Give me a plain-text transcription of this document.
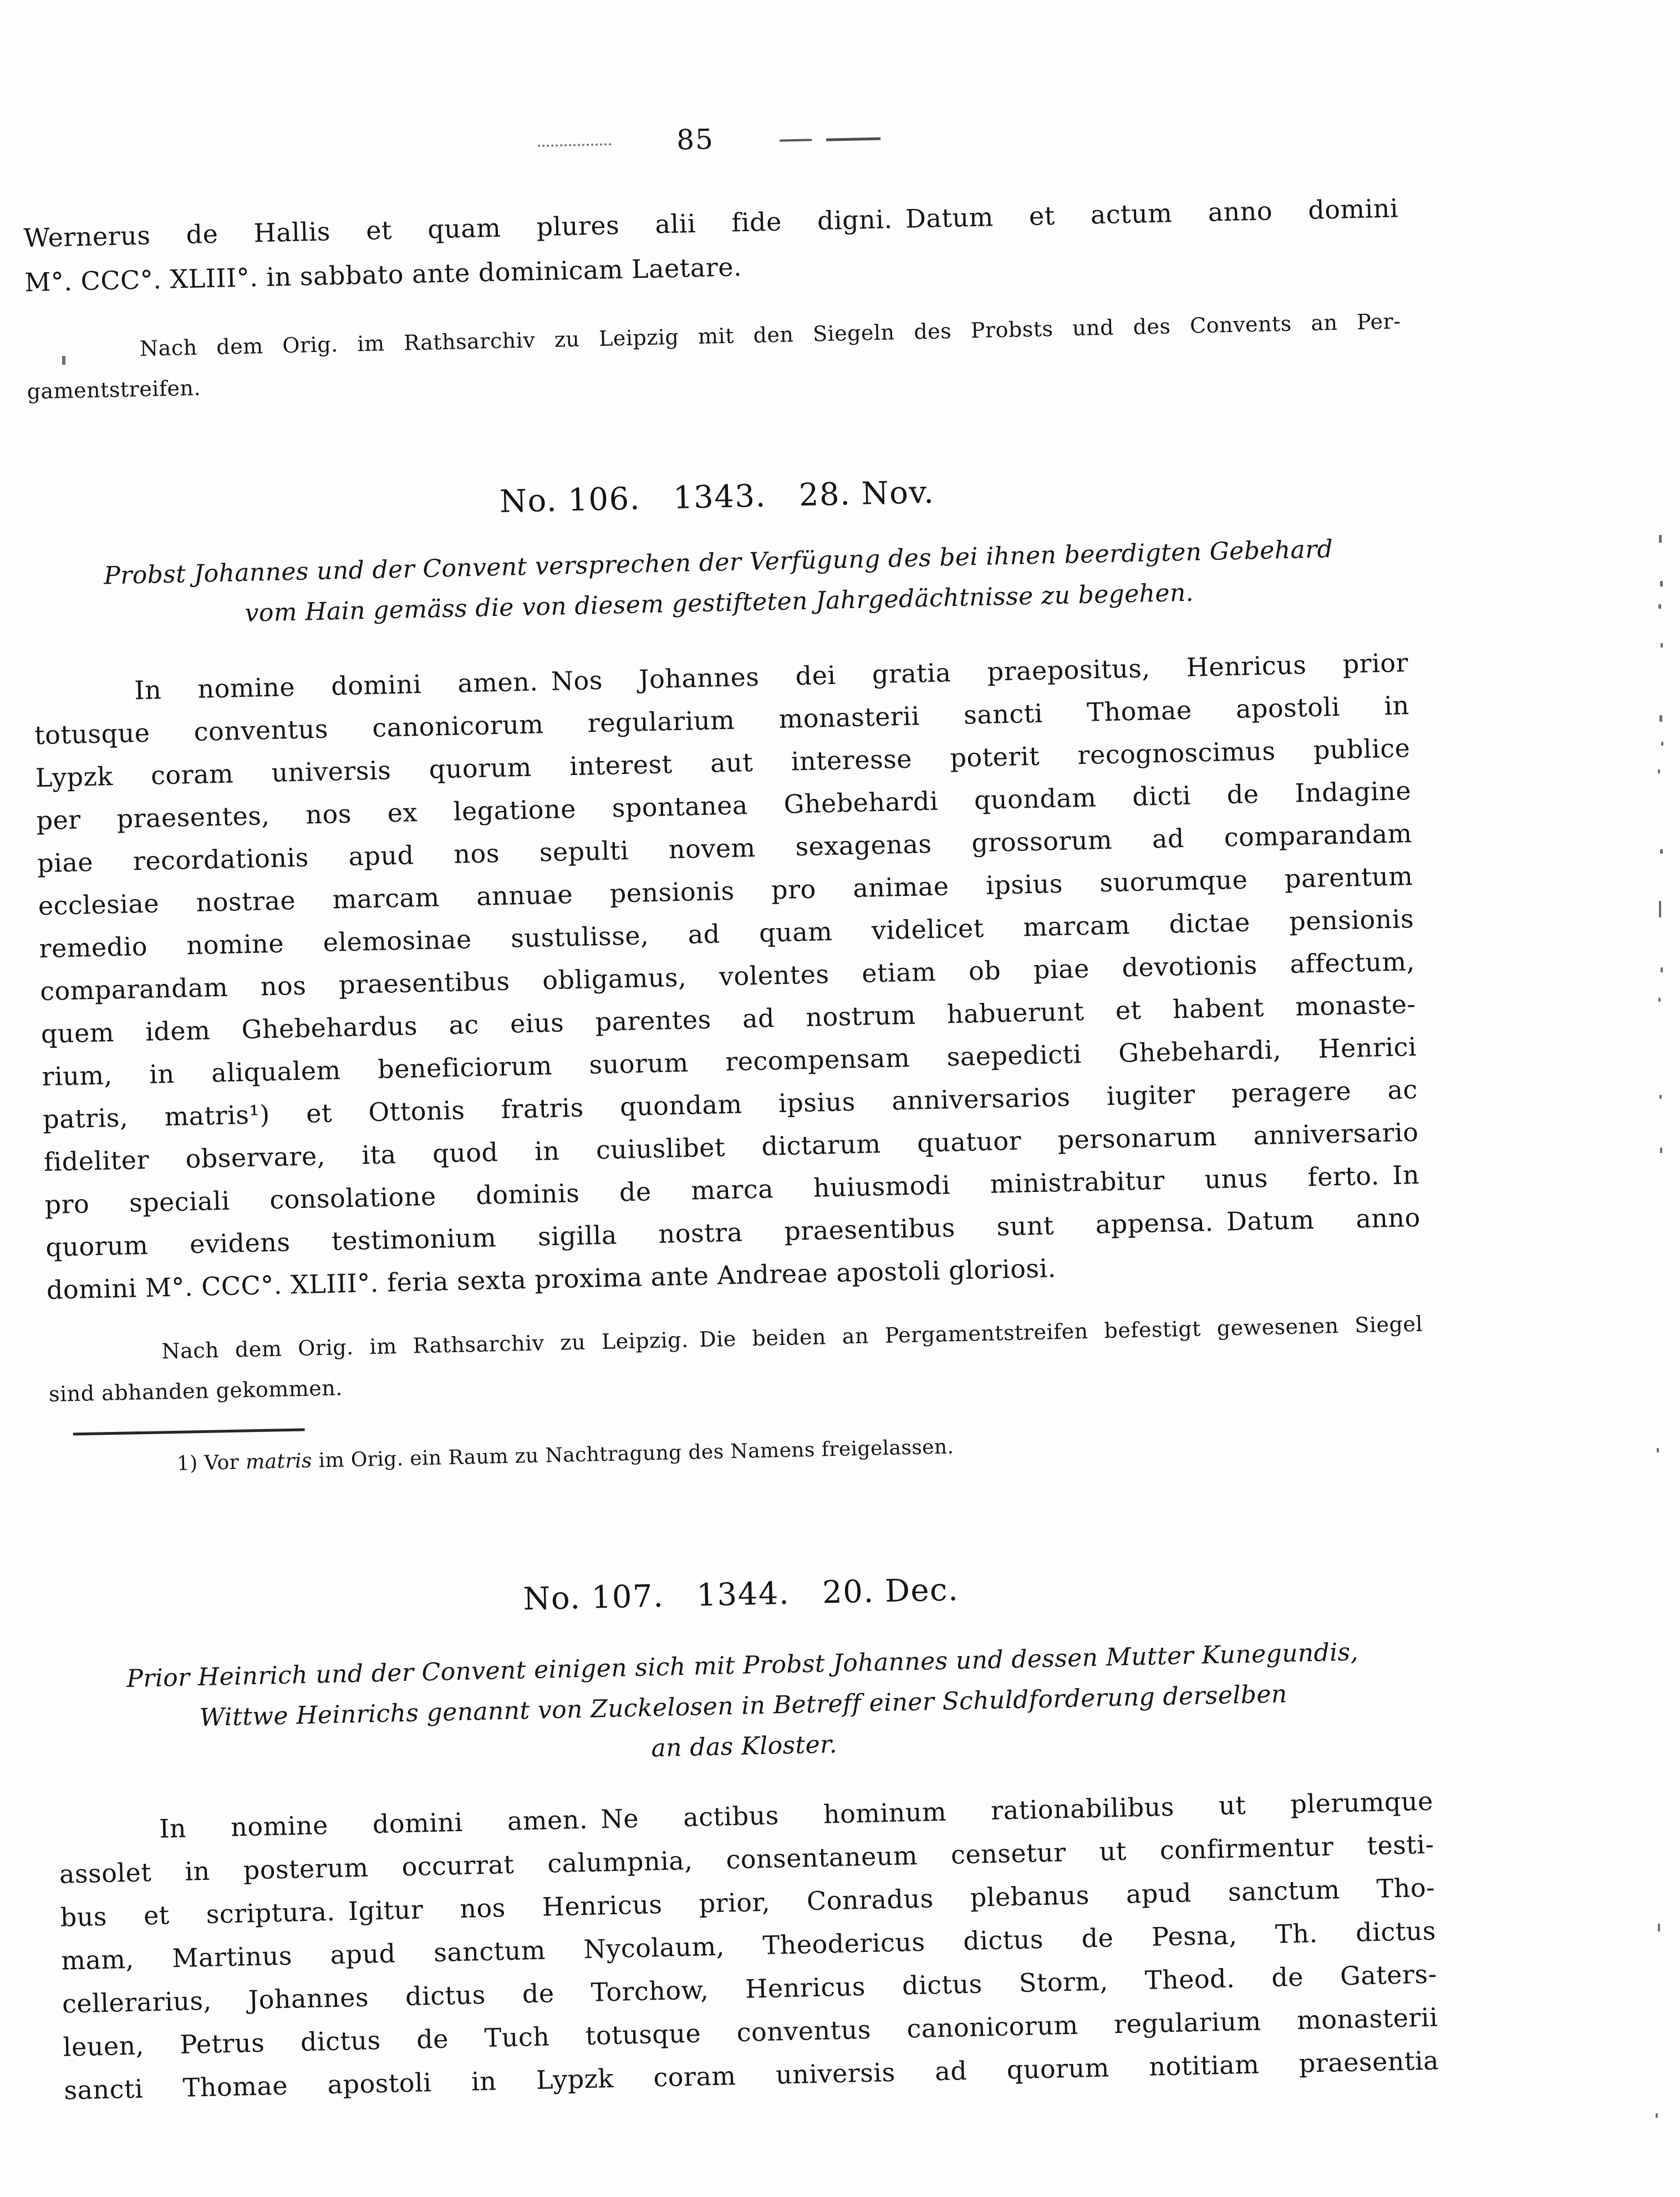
85
Wernerus de Hallis et quam plures alii fide digni. Datum et actum anno domini
M°. CCC°. XLIII°. in sabbato ante dominicam Laetare.
Nach dem Orig. im Rathsarchiv zu Leipzig mit den Siegeln des Probsts und des Convents an Per-
gamentstreifen.
No. 106.  1343.  28. Nov.
Probst Johannes und der Convent versprechen der Verfügung des bei ihnen beerdigten Gebehard
vom Hain gemäss die von diesem gestifteten Jahrgedächtnisse zu begehen.
In nomine domini amen. Nos Johannes dei gratia praepositus, Henricus prior
totusque conventus canonicorum regularium monasterii sancti Thomae apostoli in
Lypzk coram universis quorum interest aut interesse poterit recognoscimus publice
per praesentes, nos ex legatione spontanea Ghebehardi quondam dicti de Indagine
piae recordationis apud nos sepulti novem sexagenas grossorum ad comparandam
ecclesiae nostrae marcam annuae pensionis pro animae ipsius suorumque parentum
remedio nomine elemosinae sustulisse, ad quam videlicet marcam dictae pensionis
comparandam nos praesentibus obligamus, volentes etiam ob piae devotionis affectum,
quem idem Ghebehardus ac eius parentes ad nostrum habuerunt et habent monaste-
rium, in aliqualem beneficiorum suorum recompensam saepedicti Ghebehardi, Henrici
patris, matris¹) et Ottonis fratris quondam ipsius anniversarios iugiter peragere ac
fideliter observare, ita quod in cuiuslibet dictarum quatuor personarum anniversario
pro speciali consolatione dominis de marca huiusmodi ministrabitur unus ferto. In
quorum evidens testimonium sigilla nostra praesentibus sunt appensa. Datum anno
domini M°. CCC°. XLIII°. feria sexta proxima ante Andreae apostoli gloriosi.
Nach dem Orig. im Rathsarchiv zu Leipzig. Die beiden an Pergamentstreifen befestigt gewesenen Siegel
sind abhanden gekommen.
1) Vor matris im Orig. ein Raum zu Nachtragung des Namens freigelassen.
No. 107.  1344.  20. Dec.
Prior Heinrich und der Convent einigen sich mit Probst Johannes und dessen Mutter Kunegundis,
Wittwe Heinrichs genannt von Zuckelosen in Betreff einer Schuldforderung derselben
an das Kloster.
In nomine domini amen. Ne actibus hominum rationabilibus ut plerumque
assolet in posterum occurrat calumpnia, consentaneum censetur ut confirmentur testi-
bus et scriptura. Igitur nos Henricus prior, Conradus plebanus apud sanctum Tho-
mam, Martinus apud sanctum Nycolaum, Theodericus dictus de Pesna, Th. dictus
cellerarius, Johannes dictus de Torchow, Henricus dictus Storm, Theod. de Gaters-
leuen, Petrus dictus de Tuch totusque conventus canonicorum regularium monasterii
sancti Thomae apostoli in Lypzk coram universis ad quorum notitiam praesentia
